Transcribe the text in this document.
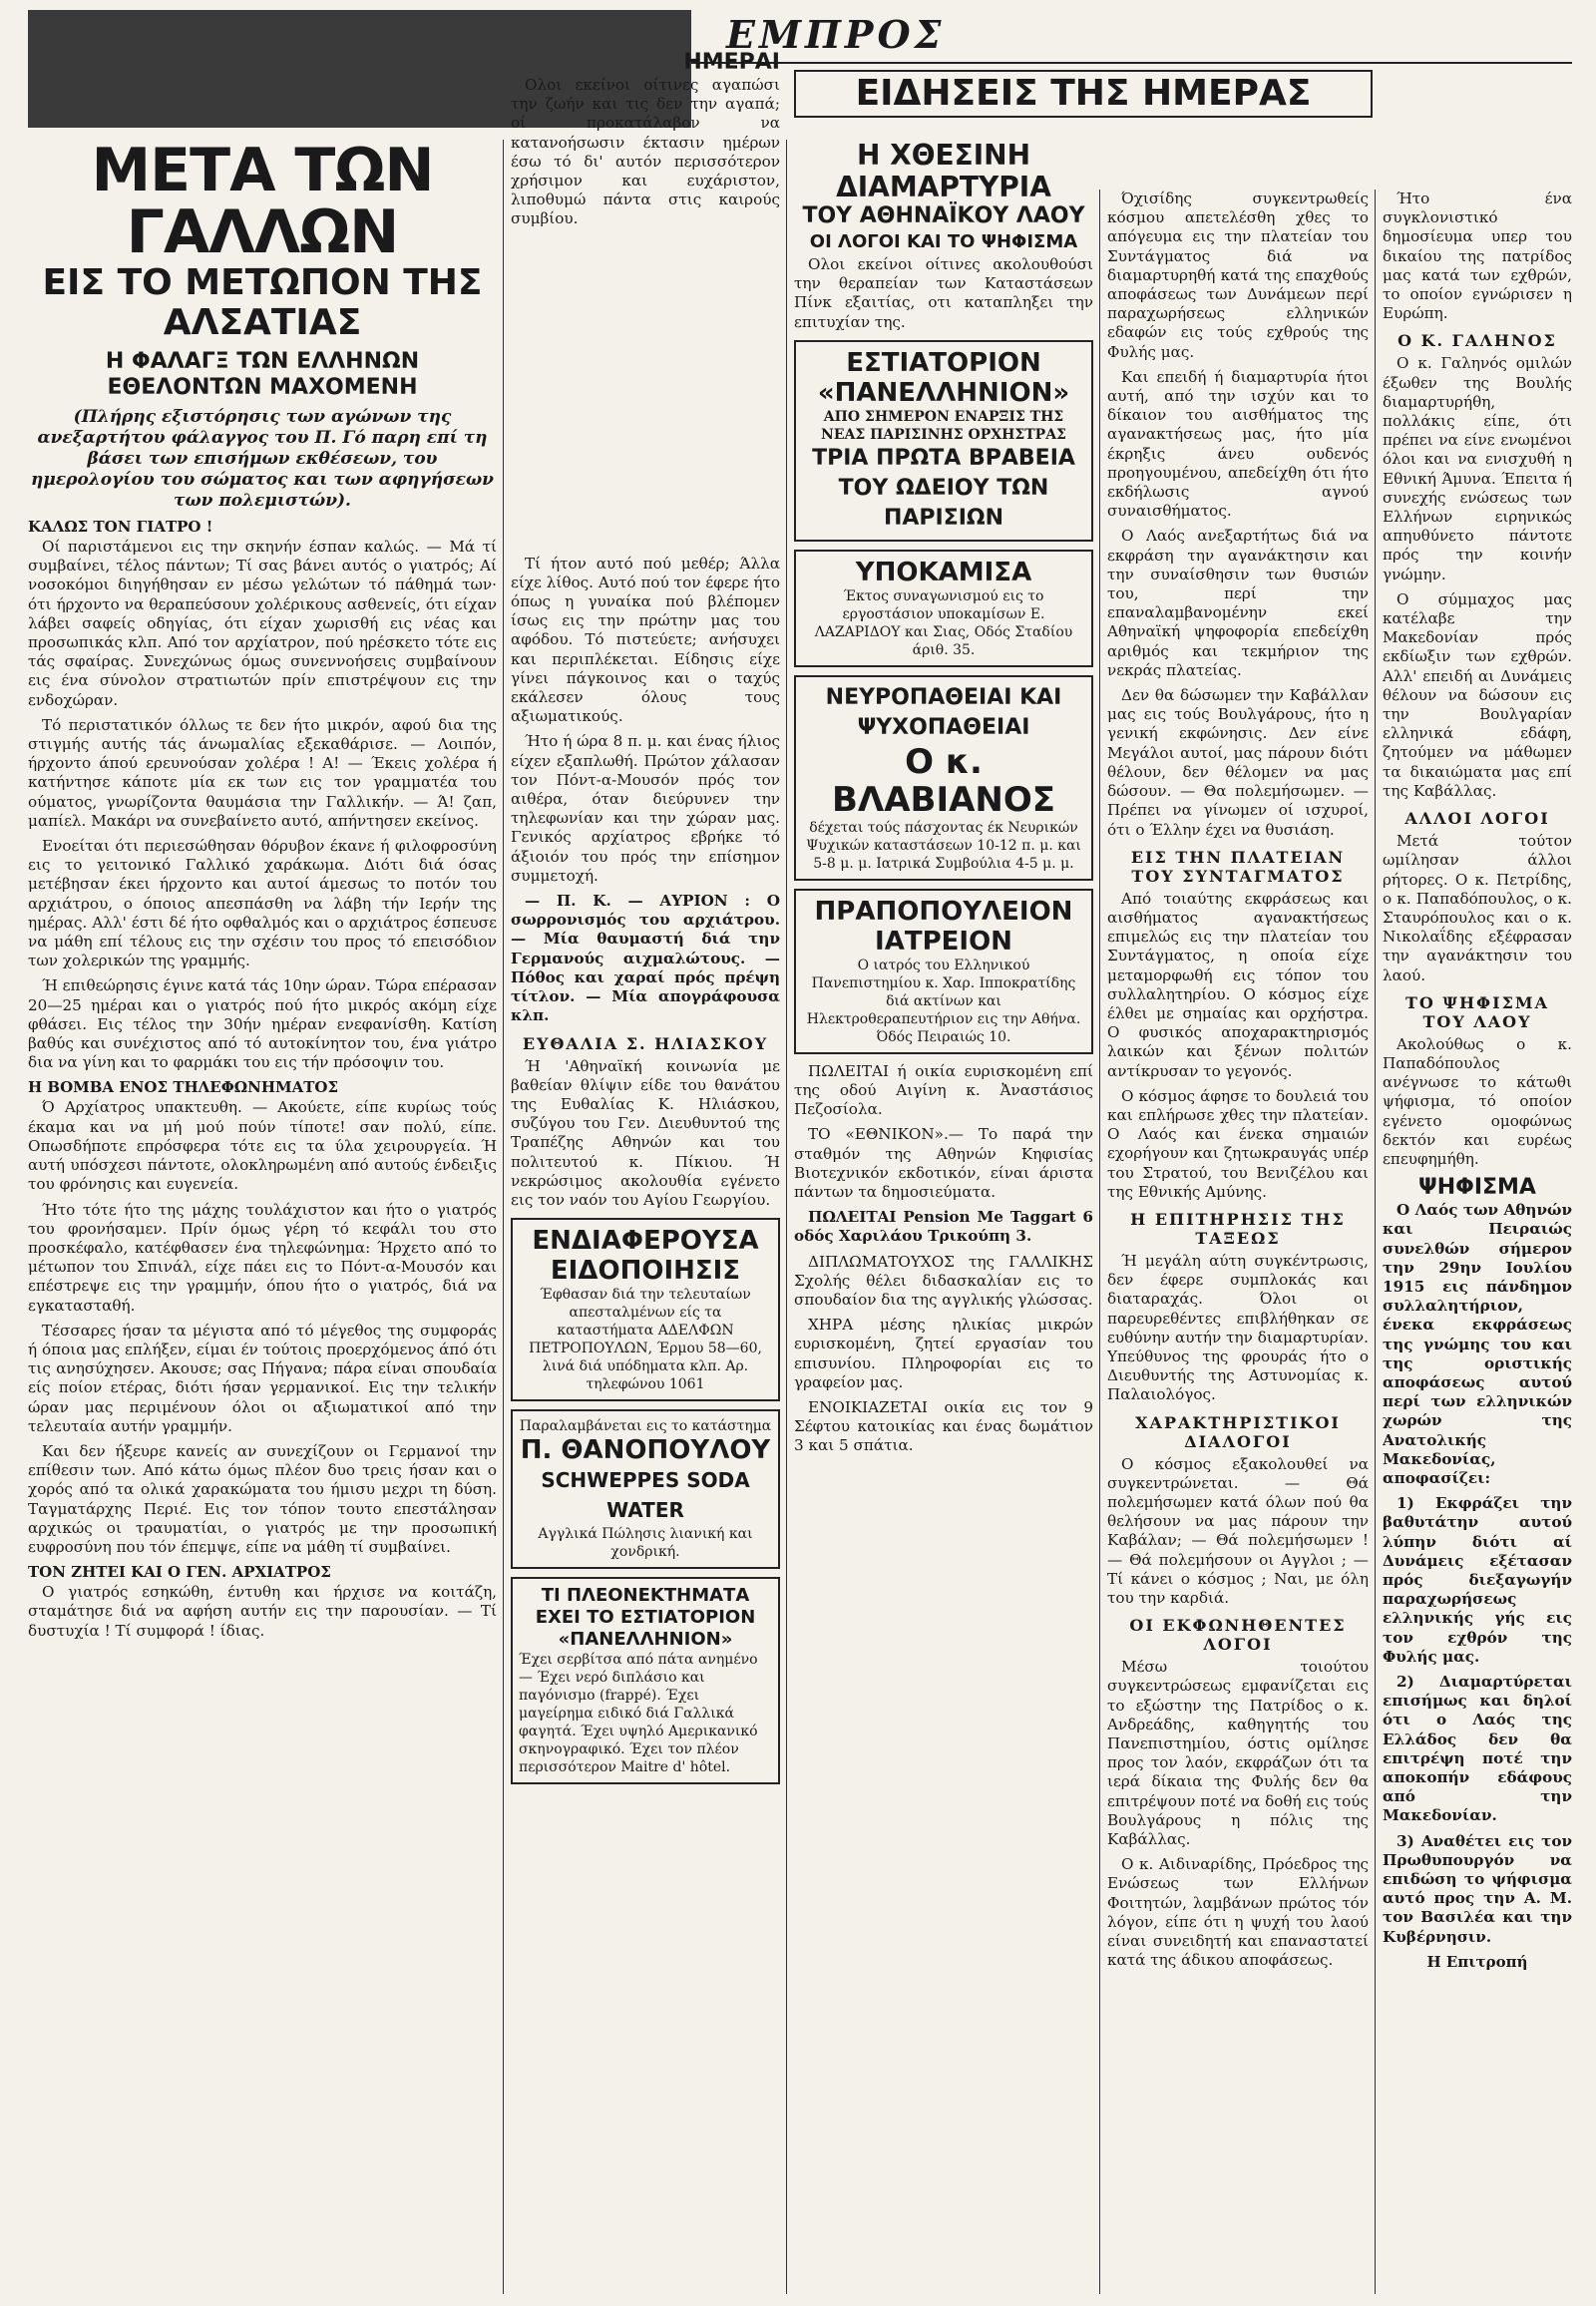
ΕΜΠΡΟΣ
ΜΕΤΑ ΤΩΝ ΓΑΛΛΩΝ
ΕΙΣ ΤΟ ΜΕΤΩΠΟΝ ΤΗΣ ΑΛΣΑΤΙΑΣ
Η ΦΑΛΑΓΞ ΤΩΝ ΕΛΛΗΝΩΝ ΕΘΕΛΟΝΤΩΝ ΜΑΧΟΜΕΝΗ
(Πλήρης εξιστόρησις των αγώνων της ανεξαρτήτου φάλαγγος του Π. Γό παρη επί τη βάσει των επισήμων εκθέσεων, του ημερολογίου του σώματος και των αφηγήσεων των πολεμιστών).
ΚΑΛΩΣ ΤΟΝ ΓΙΑΤΡΟ !

Οί παριστάμενοι εις την σκηνήν έσπαν καλώς. — Μά τί συμβαίνει, τέλος πάντων; Τί σας βάνει αυτός ο γιατρός; Αί νοσοκόμοι διηγήθησαν εν μέσω γελώτων τό πάθημά των· ότι ήρχοντο να θεραπεύσουν χολέρικους ασθενείς, ότι είχαν λάβει σαφείς οδηγίας, ότι είχαν χωρισθή εις νέας και προσωπικάς κλπ. Από τον αρχίατρον, πού ηρέσκετο τότε εις τάς σφαίρας. Συνεχώνως όμως συνεννοήσεις συμβαίνουν εις ένα σύνολον στρατιωτών πρίν επιστρέψουν εις την ενδοχώραν.

Τό περιστατικόν όλλως τε δεν ήτο μικρόν, αφού δια της στιγμής αυτής τάς άνωμαλίας εξεκαθάρισε. — Λοιπόν, ήρχοντο άπού ερευνούσαν χολέρα ! Α! — Έκεις χολέρα ή κατήντησε κάποτε μία εκ των εις τον γραμματέα του ούματος, γνωρίζοντα θαυμάσια την Γαλλικήν. — Ά! ζαπ, μαπίελ. Μακάρι να συνεβαίνετο αυτό, απήντησεν εκείνος.

Ενοείται ότι περιεσώθησαν θόρυβον έκανε ή φιλοφροσύνη εις το γειτονικό Γαλλικό χαράκωμα. Διότι διά όσας μετέβησαν έκει ήρχοντο και αυτοί άμεσως το ποτόν του αρχιάτρου, ο όποιος απεσπάσθη να λάβη τήν Ιερήν της ημέρας. Αλλ' έστι δέ ήτο οφθαλμός και ο αρχιάτρος έσπευσε να μάθη επί τέλους εις την σχέσιν του προς τό επεισόδιον των χολερικών της γραμμής.

Ή επιθεώρησις έγινε κατά τάς 10ην ώραν. Τώρα επέρασαν 20—25 ημέραι και ο γιατρός πού ήτο μικρός ακόμη είχε φθάσει. Εις τέλος την 30ήν ημέραν ενεφανίσθη. Κατίση βαθύς και συνέχιστος από τό αυτοκίνητον του, ένα γιάτρο δια να γίνη και το φαρμάκι του εις τήν πρόσοψιν του.

Η ΒΟΜΒΑ ΕΝΟΣ ΤΗΛΕΦΩΝΗΜΑΤΟΣ

Ό Αρχίατρος υπακτευθη. — Ακούετε, είπε κυρίως τούς έκαμα και να μή μού πούν τίποτε! σαν πολύ, είπε. Οπωσδήποτε επρόσφερα τότε εις τα ύλα χειρουργεία. Ή αυτή υπόσχεσι πάντοτε, ολοκληρωμένη από αυτούς ένδειξις του φρόνησις και ευγενεία.

Ήτο τότε ήτο της μάχης τουλάχιστον και ήτο ο γιατρός του φρονήσαμεν. Πρίν όμως γέρη τό κεφάλι του στο προσκέφαλο, κατέφθασεν ένα τηλεφώνημα: Ήρχετο από το μέτωπον του Σπινάλ, είχε πάει εις το Πόντ-α-Μουσόν και επέστρεψε εις την γραμμήν, όπου ήτο ο γιατρός, διά να εγκατασταθή.

Τέσσαρες ήσαν τα μέγιστα από τό μέγεθος της συμφοράς ή όποια μας επλήξεν, είμαι έν τούτοις προερχόμενος άπό ότι τις ανησύχησεν. Ακουσε; σας Πήγανα; πάρα είναι σπουδαία είς ποίον ετέρας, διότι ήσαν γερμανικοί. Εις την τελικήν ώραν μας περιμένουν όλοι οι αξιωματικοί από την τελευταία αυτήν γραμμήν.

Και δεν ήξευρε κανείς αν συνεχίζουν οι Γερμανοί την επίθεσιν των. Από κάτω όμως πλέον δυο τρεις ήσαν και ο χορός από τα ολικά χαρακώματα του ήμισυ μεχρι τη δύση. Ταγματάρχης Περιέ. Εις τον τόπον τουτο επεστάλησαν αρχικώς οι τραυματίαι, ο γιατρός με την προσωπική ευφροσύνη που τόν έπεμψε, είπε να μάθη τί συμβαίνει.

ΤΟΝ ΖΗΤΕΙ ΚΑΙ Ο ΓΕΝ. ΑΡΧΙΑΤΡΟΣ

Ο γιατρός εσηκώθη, έντυθη και ήρχισε να κοιτάζη, σταμάτησε διά να αφήση αυτήν εις την παρουσίαν. — Τί δυστυχία ! Τί συμφορά ! ίδιας.

ΗΜΕΡΑΙ

Ολοι εκείνοι οίτινες αγαπώσι την ζωήν και τις δεν την αγαπά; οί προκατάλαβον να κατανοήσωσιν έκτασιν ημέρων έσω τό δι' αυτόν περισσότερον χρήσιμον και ευχάριστον, λιποθυμώ πάντα στις καιρούς συμβίου.

Τί ήτον αυτό πού μεθέρ; Άλλα είχε λίθος. Αυτό πού τον έφερε ήτο όπως η γυναίκα πού βλέπομεν ίσως εις την πρώτην μας του αφόδου. Τό πιστεύετε; ανήσυχει και περιπλέκεται. Είδησις είχε γίνει πάγκοινος και ο ταχύς εκάλεσεν όλους τους αξιωματικούς.

Ήτο ή ώρα 8 π. μ. και ένας ήλιος είχεν εξαπλωθή. Πρώτον χάλασαν τον Πόντ-α-Μουσόν πρός τον αιθέρα, όταν διεύρυνεν την τηλεφωνίαν και την χώραν μας. Γενικός αρχίατρος εβρήκε τό άξιοιόν του πρός την επίσημον συμμετοχή.

— Π. Κ. — ΑΥΡΙΟΝ : Ο σωρρονισμός του αρχιάτρου. — Μία θαυμαστή διά την Γερμανούς αιχμαλώτους. — Πόθος και χαραί πρός πρέψη τίτλον. — Μία απογράφουσα κλπ.

ΕΥΘΑΛΙΑ Σ. ΗΛΙΑΣΚΟΥ

Ή 'Αθηναϊκή κοινωνία με βαθείαν θλίψιν είδε του θανάτου της Ευθαλίας Κ. Ηλιάσκου, συζύγου του Γεν. Διευθυντού της Τραπέζης Αθηνών και του πολιτευτού κ. Πίκιου. Ή νεκρώσιμος ακολουθία εγένετο εις τον ναόν του Αγίου Γεωργίου.

ΕΝΔΙΑΦΕΡΟΥΣΑ ΕΙΔΟΠΟΙΗΣΙΣ
Έφθασαν διά την τελευταίων απεσταλμένων είς τα καταστήματα ΑΔΕΛΦΩΝ ΠΕΤΡΟΠΟΥΛΩΝ, Έρμου 58—60, λινά διά υπόδηματα κλπ. Αρ. τηλεφώνου 1061
Παραλαμβάνεται εις το κατάστημα
Π. ΘΑΝΟΠΟΥΛΟΥ
SCHWEPPES SODA WATER
Αγγλικά Πώλησις λιανική και χονδρική.
ΤΙ ΠΛΕΟΝΕΚΤΗΜΑΤΑ ΕΧΕΙ ΤΟ ΕΣΤΙΑΤΟΡΙΟΝ «ΠΑΝΕΛΛΗΝΙΟΝ»
Έχει σερβίτσα από πάτα ανημένο — Έχει νερό διπλάσιο και παγόνισμο (frappé). Έχει μαγείρημα ειδικό διά Γαλλικά φαγητά. Έχει υψηλό Αμερικανικό σκηνογραφικό. Έχει τον πλέον περισσότερον Maitre d' hôtel.
ΕΙΔΗΣΕΙΣ ΤΗΣ ΗΜΕΡΑΣ
Η ΧΘΕΣΙΝΗ ΔΙΑΜΑΡΤΥΡΙΑ
ΤΟΥ ΑΘΗΝΑΪΚΟΥ ΛΑΟΥ
ΟΙ ΛΟΓΟΙ ΚΑΙ ΤΟ ΨΗΦΙΣΜΑ

Ολοι εκείνοι οίτινες ακολουθούσι την θεραπείαν των Καταστάσεων Πίνκ εξαιτίας, οτι καταπληξει την επιτυχίαν της.

ΕΣΤΙΑΤΟΡΙΟΝ «ΠΑΝΕΛΛΗΝΙΟΝ»
ΑΠΟ ΣΗΜΕΡΟΝ ΕΝΑΡΞΙΣ ΤΗΣ ΝΕΑΣ ΠΑΡΙΣΙΝΗΣ ΟΡΧΗΣΤΡΑΣ
ΤΡΙΑ ΠΡΩΤΑ ΒΡΑΒΕΙΑ ΤΟΥ ΩΔΕΙΟΥ ΤΩΝ ΠΑΡΙΣΙΩΝ
ΥΠΟΚΑΜΙΣΑ
Έκτος συναγωνισμού εις το εργοστάσιον υποκαμίσων Ε. ΛΑΖΑΡΙΔΟΥ και Σιας, Οδός Σταδίου άριθ. 35.
ΝΕΥΡΟΠΑΘΕΙΑΙ ΚΑΙ ΨΥΧΟΠΑΘΕΙΑΙ
Ο κ. ΒΛΑΒΙΑΝΟΣ
δέχεται τούς πάσχοντας έκ Νευρικών Ψυχικών καταστάσεων 10-12 π. μ. και 5-8 μ. μ. Ιατρικά Συμβούλια 4-5 μ. μ.
ΠΡΑΠΟΠΟΥΛΕΙΟΝ ΙΑΤΡΕΙΟΝ
Ο ιατρός του Ελληνικού Πανεπιστημίου κ. Χαρ. Ιπποκρατίδης διά ακτίνων και Ηλεκτροθεραπευτήριον εις την Αθήνα. Όδός Πειραιώς 10.

ΠΩΛΕΙΤΑΙ ή οικία ευρισκομένη επί της οδού Αιγίνη κ. Ἀναστάσιος Πεζοσίολα.

ΤΟ «ΕΘΝΙΚΟΝ».— Το παρά την σταθμόν της Αθηνών Κηφισίας Βιοτεχνικόν εκδοτικόν, είναι άριστα πάντων τα δημοσιεύματα.

ΠΩΛΕΙΤΑΙ Pension Me Taggart 6 οδός Χαριλάου Τρικούπη 3.

ΔΙΠΛΩΜΑΤΟΥΧΟΣ της ΓΑΛΛΙΚΗΣ Σχολής θέλει διδασκαλίαν εις το σπουδαίον δια της αγγλικής γλώσσας.

ΧΗΡΑ μέσης ηλικίας μικρών ευρισκομένη, ζητεί εργασίαν του επισυνίου. Πληροφορίαι εις το γραφείον μας.

ΕΝΟΙΚΙΑΖΕΤΑΙ οικία εις τον 9 Σέφτου κατοικίας και ένας δωμάτιον 3 και 5 σπάτια.

Όχισίδης συγκεντρωθείς κόσμου απετελέσθη χθες το απόγευμα εις την πλατείαν του Συντάγματος διά να διαμαρτυρηθή κατά της επαχθούς αποφάσεως των Δυνάμεων περί παραχωρήσεως ελληνικών εδαφών εις τούς εχθρούς της Φυλής μας.

Και επειδή ή διαμαρτυρία ήτοι αυτή, από την ισχύν και το δίκαιον του αισθήματος της αγανακτήσεως μας, ήτο μία έκρηξις άνευ ουδενός προηγουμένου, απεδείχθη ότι ήτο εκδήλωσις αγνού συναισθήματος.

Ο Λαός ανεξαρτήτως διά να εκφράση την αγανάκτησιν και την συναίσθησιν των θυσιών του, περί την επαναλαμβανομένην εκεί Αθηναϊκή ψηφοφορία επεδείχθη αριθμός και τεκμήριον της νεκράς πλατείας.

Δεν θα δώσωμεν την Καβάλλαν μας εις τούς Βουλγάρους, ήτο η γενική εκφώνησις. Δεν είνε Μεγάλοι αυτοί, μας πάρουν διότι θέλουν, δεν θέλομεν να μας δώσουν. — Θα πολεμήσωμεν. — Πρέπει να γίνωμεν οί ισχυροί, ότι ο Έλλην έχει να θυσιάση.

ΕΙΣ ΤΗΝ ΠΛΑΤΕΙΑΝ ΤΟΥ ΣΥΝΤΑΓΜΑΤΟΣ

Από τοιαύτης εκφράσεως και αισθήματος αγανακτήσεως επιμελώς εις την πλατείαν του Συντάγματος, η οποία είχε μεταμορφωθή εις τόπον του συλλαλητηρίου. Ο κόσμος είχε έλθει με σημαίας και ορχήστρα. Ο φυσικός αποχαρακτηρισμός λαικών και ξένων πολιτών αντίκρυσαν το γεγονός.

Ο κόσμος άφησε το δουλειά του και επλήρωσε χθες την πλατείαν. Ο Λαός και ένεκα σημαιών εχορήγουν και ζητωκραυγάς υπέρ του Στρατού, του Βενιζέλου και της Εθνικής Αμύνης.

Η ΕΠΙΤΗΡΗΣΙΣ ΤΗΣ ΤΑΞΕΩΣ

Ή μεγάλη αύτη συγκέντρωσις, δεν έφερε συμπλοκάς και διαταραχάς. Όλοι οι παρευρεθέντες επιβλήθηκαν σε ευθύνην αυτήν την διαμαρτυρίαν. Υπεύθυνος της φρουράς ήτο ο Διευθυντής της Αστυνομίας κ. Παλαιολόγος.

ΧΑΡΑΚΤΗΡΙΣΤΙΚΟΙ ΔΙΑΛΟΓΟΙ

Ο κόσμος εξακολουθεί να συγκεντρώνεται. — Θά πολεμήσωμεν κατά όλων πού θα θελήσουν να μας πάρουν την Καβάλαν; — Θά πολεμήσωμεν ! — Θά πολεμήσουν οι Αγγλοι ; — Τί κάνει ο κόσμος ; Ναι, με όλη του την καρδιά.

ΟΙ ΕΚΦΩΝΗΘΕΝΤΕΣ ΛΟΓΟΙ

Μέσω τοιούτου συγκεντρώσεως εμφανίζεται εις το εξώστην της Πατρίδος ο κ. Ανδρεάδης, καθηγητής του Πανεπιστημίου, όστις ομίλησε προς τον λαόν, εκφράζων ότι τα ιερά δίκαια της Φυλής δεν θα επιτρέψουν ποτέ να δοθή εις τούς Βουλγάρους η πόλις της Καβάλλας.

Ο κ. Αιδιναρίδης, Πρόεδρος της Ενώσεως των Ελλήνων Φοιτητών, λαμβάνων πρώτος τόν λόγον, είπε ότι η ψυχή του λαού είναι συνειδητή και επαναστατεί κατά της άδικου αποφάσεως.

Ήτο ένα συγκλονιστικό δημοσίευμα υπερ του δικαίου της πατρίδος μας κατά των εχθρών, το οποίον εγνώρισεν η Ευρώπη.

Ο Κ. ΓΑΛΗΝΟΣ

Ο κ. Γαληνός ομιλών έξωθεν της Βουλής διαμαρτυρήθη, πολλάκις είπε, ότι πρέπει να είνε ενωμένοι όλοι και να ενισχυθή η Εθνική Άμυνα. Έπειτα ή συνεχής ενώσεως των Ελλήνων ειρηνικώς απηυθύνετο πάντοτε πρός την κοινήν γνώμην.

Ο σύμμαχος μας κατέλαβε την Μακεδονίαν πρός εκδίωξιν των εχθρών. Αλλ' επειδή αι Δυνάμεις θέλουν να δώσουν εις την Βουλγαρίαν ελληνικά εδάφη, ζητούμεν να μάθωμεν τα δικαιώματα μας επί της Καβάλλας.

ΑΛΛΟΙ ΛΟΓΟΙ

Μετά τούτον ωμίλησαν άλλοι ρήτορες. Ο κ. Πετρίδης, ο κ. Παπαδόπουλος, ο κ. Σταυρόπουλος και ο κ. Νικολαΐδης εξέφρασαν την αγανάκτησιν του λαού.

ΤΟ ΨΗΦΙΣΜΑ ΤΟΥ ΛΑΟΥ

Ακολούθως ο κ. Παπαδόπουλος ανέγνωσε το κάτωθι ψήφισμα, τό οποίον εγένετο ομοφώνως δεκτόν και ευρέως επευφημήθη.

ΨΗΦΙΣΜΑ

Ο Λαός των Αθηνών και Πειραιώς συνελθών σήμερον την 29ην Ιουλίου 1915 εις πάνδημον συλλαλητήριον, ένεκα εκφράσεως της γνώμης του και της οριστικής αποφάσεως αυτού περί των ελληνικών χωρών της Ανατολικής Μακεδονίας, αποφασίζει:

1) Εκφράζει την βαθυτάτην αυτού λύπην διότι αί Δυνάμεις εξέτασαν πρός διεξαγωγήν παραχωρήσεως ελληνικής γής εις τον εχθρόν της Φυλής μας.

2) Διαμαρτύρεται επισήμως και δηλοί ότι ο Λαός της Ελλάδος δεν θα επιτρέψη ποτέ την αποκοπήν εδάφους από την Μακεδονίαν.

3) Αναθέτει εις τον Πρωθυπουργόν να επιδώση το ψήφισμα αυτό προς την Α. Μ. τον Βασιλέα και την Κυβέρνησιν.

Η Επιτροπή
